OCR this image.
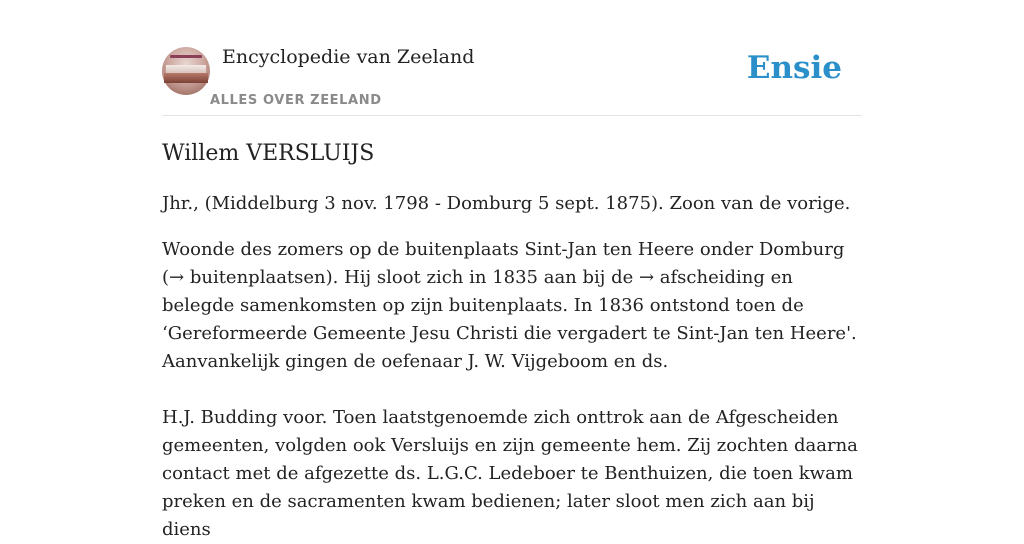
Encyclopedie van Zeeland
ALLES OVER ZEELAND
Ensie
Willem VERSLUIJS

Jhr., (Middelburg 3 nov. 1798 - Domburg 5 sept. 1875). Zoon van de vorige.

Woonde des zomers op de buitenplaats Sint-Jan ten Heere onder Domburg (→ buitenplaatsen). Hij sloot zich in 1835 aan bij de → afscheiding en belegde samenkomsten op zijn buitenplaats. In 1836 ontstond toen de ‘Gereformeerde Gemeente Jesu Christi die vergadert te Sint-Jan ten Heere'. Aanvankelijk gingen de oefenaar J. W. Vijgeboom en ds.

H.J. Budding voor. Toen laatstgenoemde zich onttrok aan de Afgescheiden gemeenten, volgden ook Versluijs en zijn gemeente hem. Zij zochten daarna contact met de afgezette ds. L.G.C. Ledeboer te Benthuizen, die toen kwam preken en de sacramenten kwam bedienen; later sloot men zich aan bij diens
